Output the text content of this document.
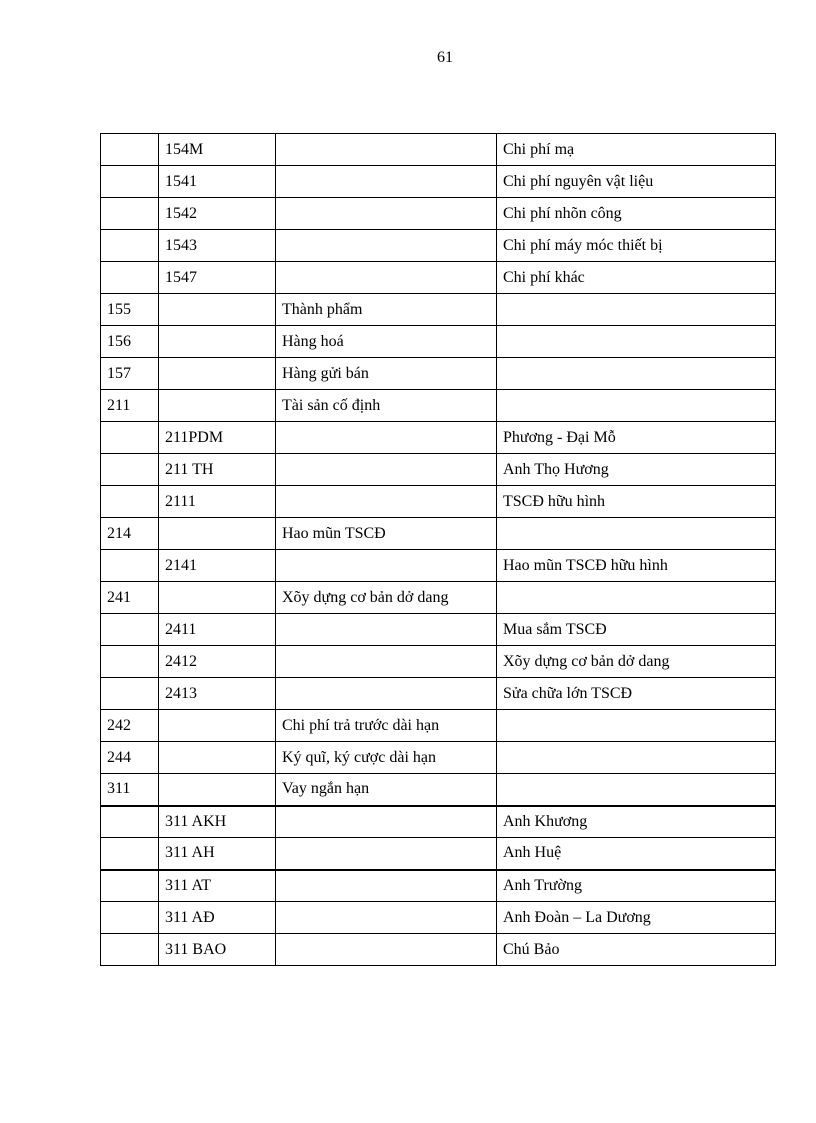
61
	154M		Chi phí mạ
	1541		Chi phí nguyên vật liệu
	1542		Chi phí nhõn công
	1543		Chi phí máy móc thiết bị
	1547		Chi phí khác
155		Thành phẩm	
156		Hàng hoá	
157		Hàng gửi bán	
211		Tài sản cố định	
	211PDM		Phương - Đại Mỗ
	211 TH		Anh Thọ Hương
	2111		TSCĐ hữu hình
214		Hao mũn TSCĐ	
	2141		Hao mũn TSCĐ hữu hình
241		Xõy dựng cơ bản dở dang	
	2411		Mua sắm TSCĐ
	2412		Xõy dựng cơ bản dở dang
	2413		Sửa chữa lớn TSCĐ
242		Chi phí trả trước dài hạn	
244		Ký quĩ, ký cược dài hạn	
311		Vay ngắn hạn	
	311 AKH		Anh Khương
	311 AH		Anh Huệ
	311 AT		Anh Trường
	311 AĐ		Anh Đoàn – La Dương
	311 BAO		Chú Bảo
